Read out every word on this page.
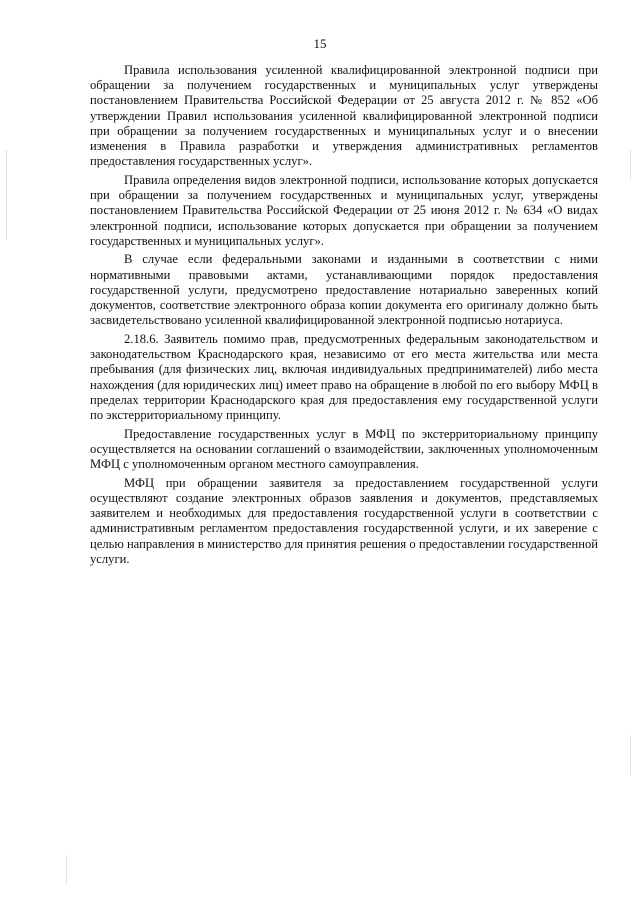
15

Правила использования усиленной квалифицированной электронной подписи при обращении за получением государственных и муниципальных услуг утверждены постановлением Правительства Российской Федерации от 25 августа 2012 г. № 852 «Об утверждении Правил использования усиленной квалифицированной электронной подписи при обращении за получением государственных и муниципальных услуг и о внесении изменения в Правила разработки и утверждения административных регламентов предоставления государственных услуг».

Правила определения видов электронной подписи, использование которых допускается при обращении за получением государственных и муниципальных услуг, утверждены постановлением Правительства Российской Федерации от 25 июня 2012 г. № 634 «О видах электронной подписи, использование которых допускается при обращении за получением государственных и муниципальных услуг».

В случае если федеральными законами и изданными в соответствии с ними нормативными правовыми актами, устанавливающими порядок предоставления государственной услуги, предусмотрено предоставление нотариально заверенных копий документов, соответствие электронного образа копии документа его оригиналу должно быть засвидетельствовано усиленной квалифицированной электронной подписью нотариуса.

2.18.6. Заявитель помимо прав, предусмотренных федеральным законодательством и законодательством Краснодарского края, независимо от его места жительства или места пребывания (для физических лиц, включая индивидуальных предпринимателей) либо места нахождения (для юридических лиц) имеет право на обращение в любой по его выбору МФЦ в пределах территории Краснодарского края для предоставления ему государственной услуги по экстерриториальному принципу.

Предоставление государственных услуг в МФЦ по экстерриториальному принципу осуществляется на основании соглашений о взаимодействии, заключенных уполномоченным МФЦ с уполномоченным органом местного самоуправления.

МФЦ при обращении заявителя за предоставлением государственной услуги осуществляют создание электронных образов заявления и документов, представляемых заявителем и необходимых для предоставления государственной услуги в соответствии с административным регламентом предоставления государственной услуги, и их заверение с целью направления в министерство для принятия решения о предоставлении государственной услуги.
